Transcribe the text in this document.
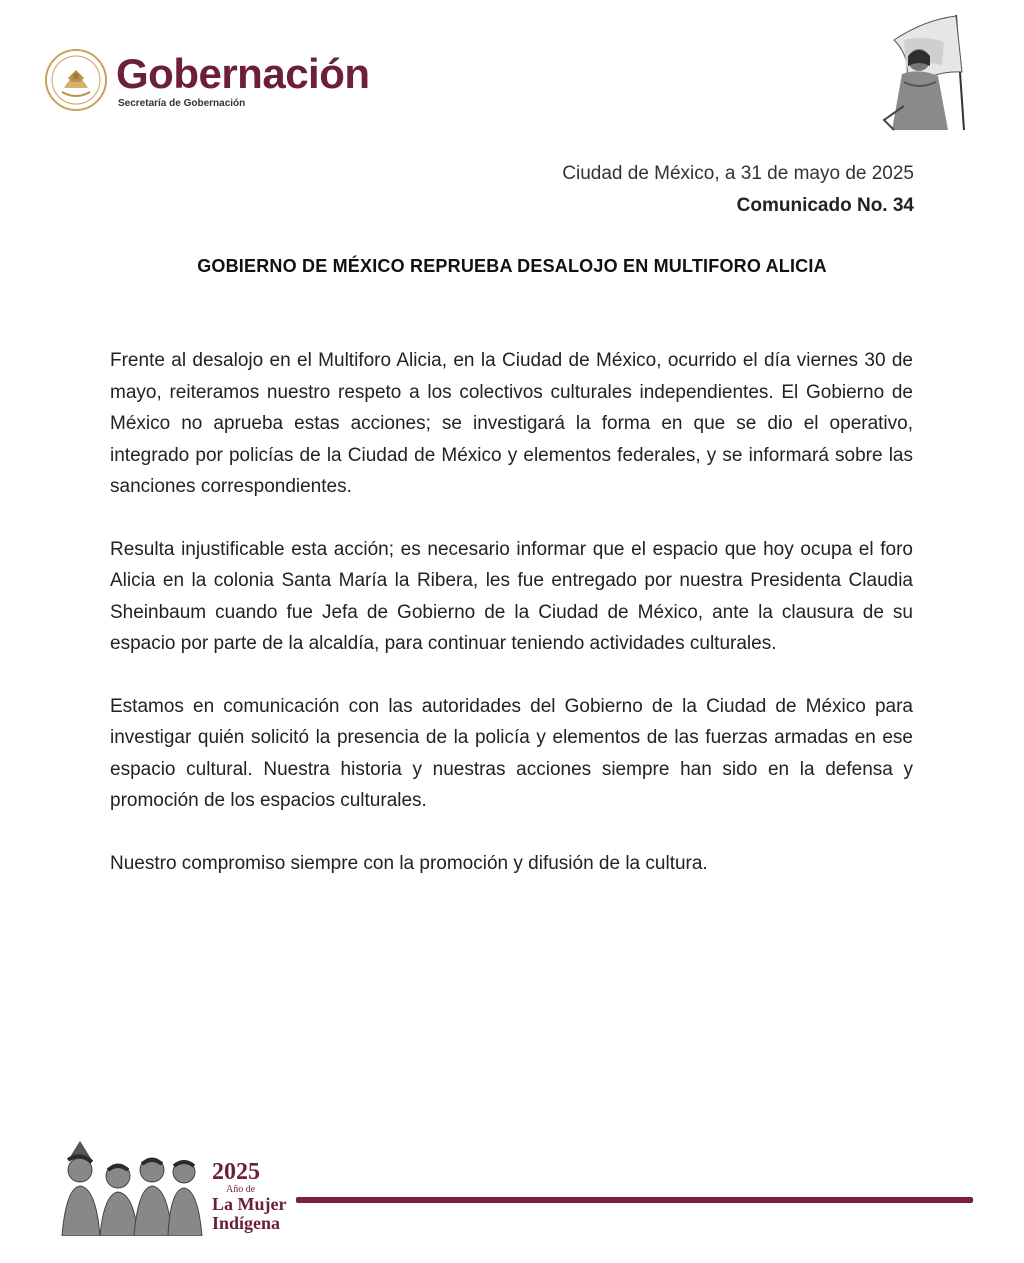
Gobernación
Secretaría de Gobernación
Ciudad de México, a 31 de mayo de 2025
Comunicado No. 34
GOBIERNO DE MÉXICO REPRUEBA DESALOJO EN MULTIFORO ALICIA

Frente al desalojo en el Multiforo Alicia, en la Ciudad de México, ocurrido el día viernes 30 de mayo, reiteramos nuestro respeto a los colectivos culturales independientes. El Gobierno de México no aprueba estas acciones; se investigará la forma en que se dio el operativo, integrado por policías de la Ciudad de México y elementos federales, y se informará sobre las sanciones correspondientes.

Resulta injustificable esta acción; es necesario informar que el espacio que hoy ocupa el foro Alicia en la colonia Santa María la Ribera, les fue entregado por nuestra Presidenta Claudia Sheinbaum cuando fue Jefa de Gobierno de la Ciudad de México, ante la clausura de su espacio por parte de la alcaldía, para continuar teniendo actividades culturales.

Estamos en comunicación con las autoridades del Gobierno de la Ciudad de México para investigar quién solicitó la presencia de la policía y elementos de las fuerzas armadas en ese espacio cultural. Nuestra historia y nuestras acciones siempre han sido en la defensa y promoción de los espacios culturales.

Nuestro compromiso siempre con la promoción y difusión de la cultura.

2025
Año de
La Mujer
Indígena
